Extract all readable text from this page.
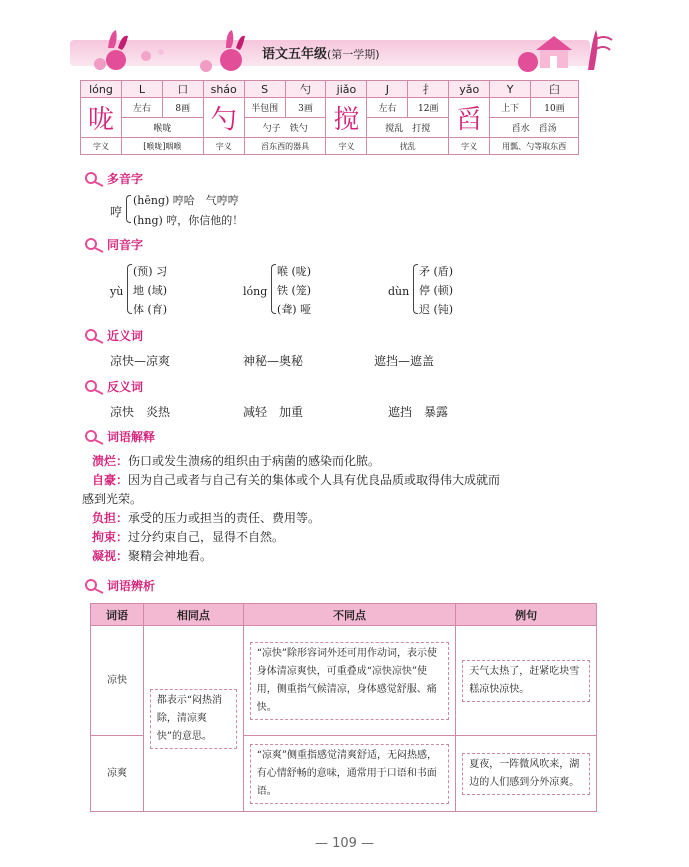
语文五年级(第一学期)
lóng	L	口	sháo	S	勺	jiǎo	J	扌	yǎo	Y	臼
咙	左右	8画	勺	半包围	3画	搅	左右	12画	舀	上下	10画
	喉咙			勺子　铁勺			搅乱　打搅			舀水　舀汤	
字义	[喉咙]咽喉		字义	舀东西的器具		字义	扰乱		字义	用瓢、勺等取东西	
多音字
哼
(hēng) 哼哈　气哼哼
(hng) 哼，你信他的！
同音字
yù
(预) 习
地 (域)
体 (育)
lóng
喉 (咙)
铁 (笼)
(聋) 哑
dùn
矛 (盾)
停 (顿)
迟 (钝)
近义词
凉快—凉爽	神秘—奥秘	遮挡—遮盖
反义词
凉快　炎热	减轻　加重	遮挡　暴露
词语解释
溃烂：伤口或发生溃疡的组织由于病菌的感染而化脓。
自豪：因为自己或者与自己有关的集体或个人具有优良品质或取得伟大成就而
感到光荣。
负担：承受的压力或担当的责任、费用等。
拘束：过分约束自己，显得不自然。
凝视：聚精会神地看。
词语辨析
词语	相同点	不同点	例句
凉快	都表示“闷热消除，清凉爽快”的意思。	“凉快”除形容词外还可用作动词，表示使身体清凉爽快，可重叠成“凉快凉快”使用，侧重指气候清凉，身体感觉舒服、痛快。	天气太热了，赶紧吃块雪糕凉快凉快。

凉爽		“凉爽”侧重指感觉清爽舒适，无闷热感，有心情舒畅的意味，通常用于口语和书面语。	夏夜，一阵微风吹来，湖边的人们感到分外凉爽。
— 109 —
